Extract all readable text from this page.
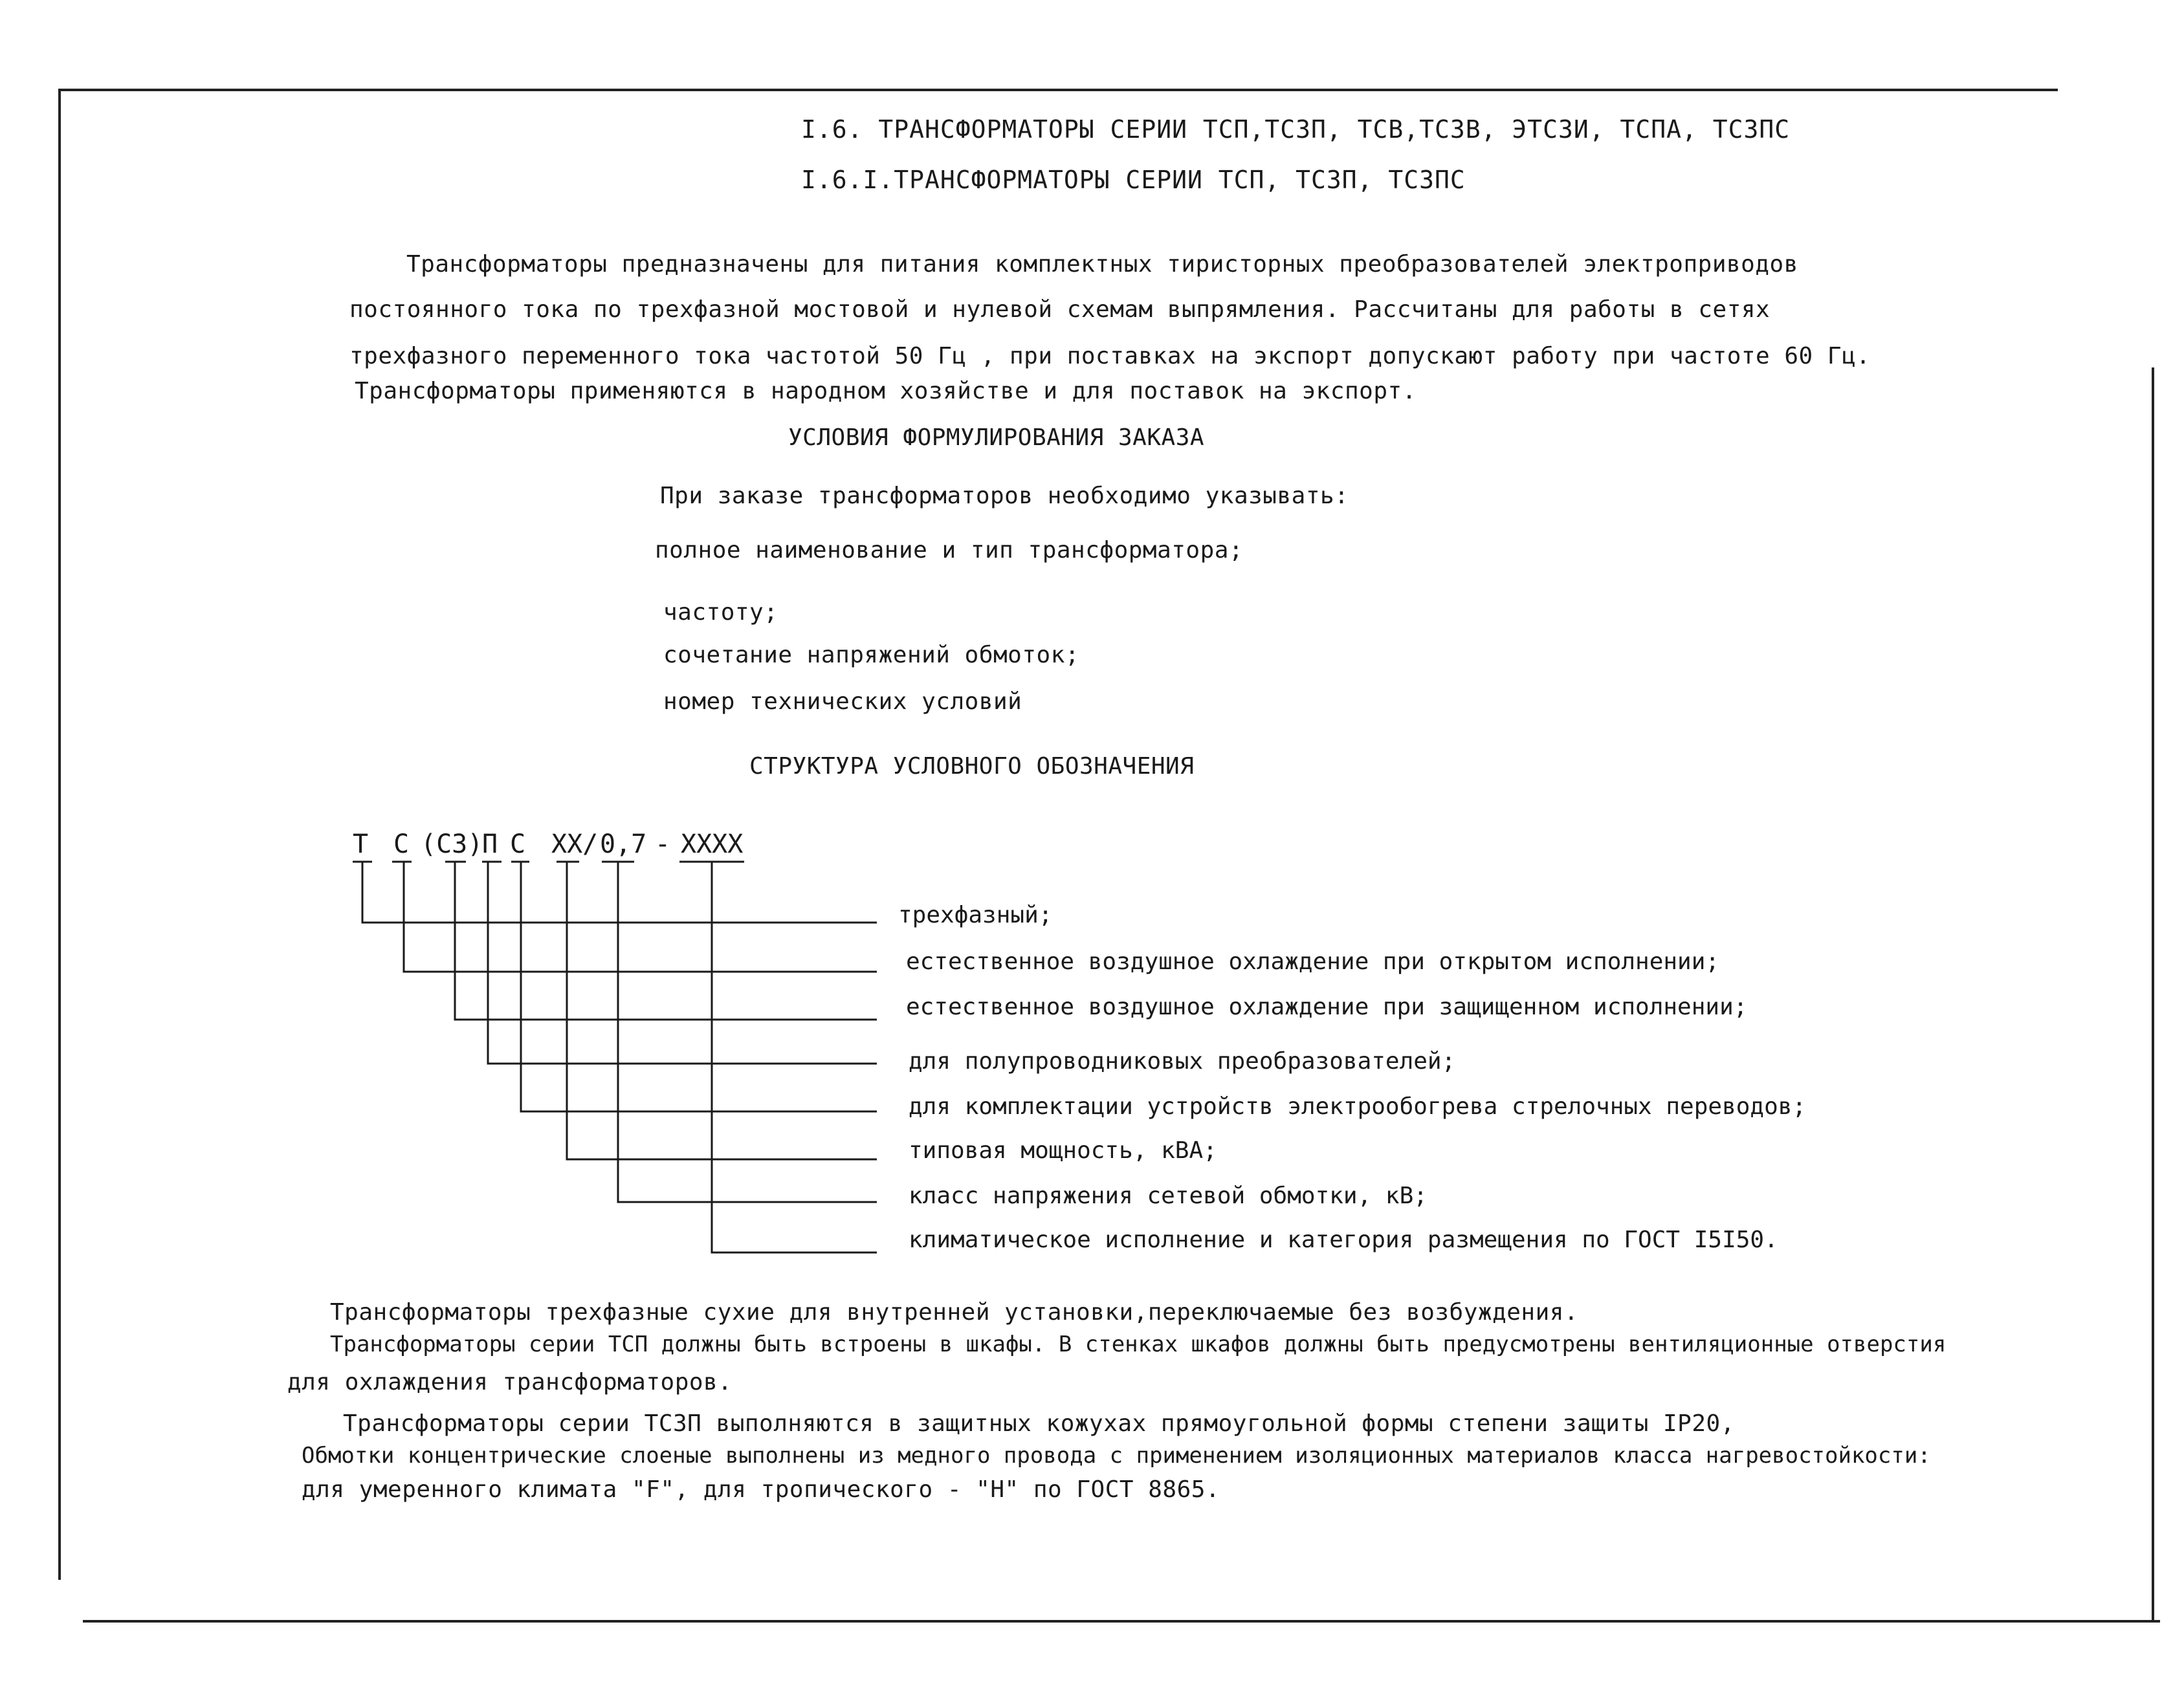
I.6. ТРАНСФОРМАТОРЫ СЕРИИ ТСП,ТСЗП, ТСВ,ТСЗВ, ЭТСЗИ, ТСПА, ТСЗПС
I.6.I.ТРАНСФОРМАТОРЫ СЕРИИ ТСП, ТСЗП, ТСЗПС
Трансформаторы предназначены для питания комплектных тиристорных преобразователей электроприводов
постоянного тока по трехфазной мостовой и нулевой схемам выпрямления. Рассчитаны для работы в сетях
трехфазного переменного тока частотой 50 Гц , при поставках на экспорт допускают работу при частоте 60 Гц.
Трансформаторы применяются в народном хозяйстве и для поставок на экспорт.
УСЛОВИЯ ФОРМУЛИРОВАНИЯ ЗАКАЗА
При заказе трансформаторов необходимо указывать:
полное наименование и тип трансформатора;
частоту;
сочетание напряжений обмоток;
номер технических условий
СТРУКТУРА УСЛОВНОГО ОБОЗНАЧЕНИЯ
Т С (СЗ)
П С ХХ/ 0,7 - ХХХХ
трехфазный;
естественное воздушное охлаждение при открытом исполнении;
естественное воздушное охлаждение при защищенном исполнении;
для полупроводниковых преобразователей;
для комплектации устройств электрообогрева стрелочных переводов;
типовая мощность, кВА;
класс напряжения сетевой обмотки, кВ;
климатическое исполнение и категория размещения по ГОСТ I5I50.
Трансформаторы трехфазные сухие для внутренней установки,переключаемые без возбуждения.
Трансформаторы серии ТСП должны быть встроены в шкафы. В стенках шкафов должны быть предусмотрены вентиляционные отверстия
для охлаждения трансформаторов.
Трансформаторы серии ТСЗП выполняются в защитных кожухах прямоугольной формы степени защиты IP20,
Обмотки концентрические слоеные выполнены из медного провода с применением изоляционных материалов класса нагревостойкости:
для умеренного климата "F", для тропического - "Н" по ГОСТ 8865.
